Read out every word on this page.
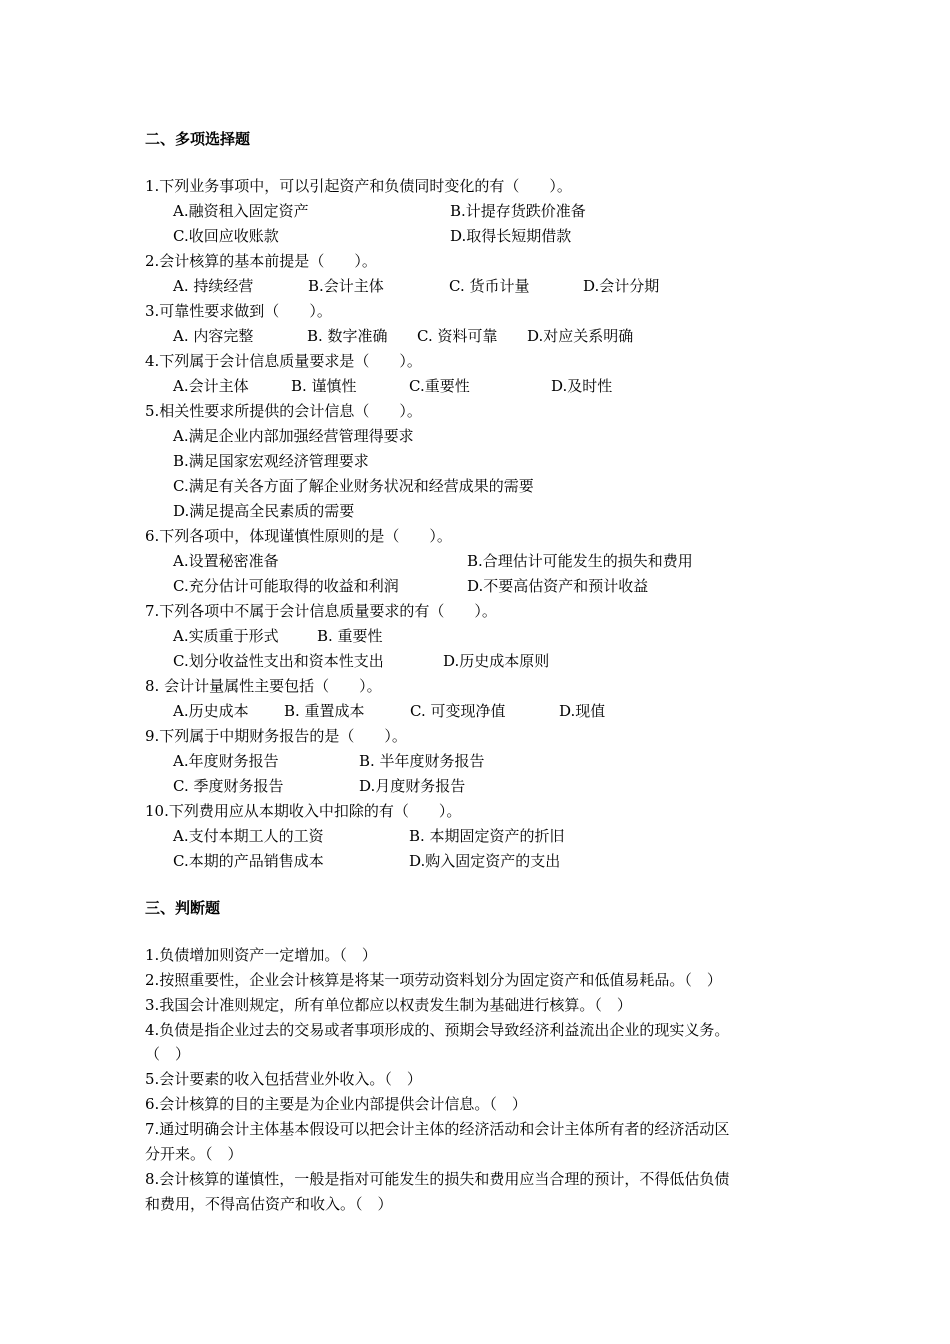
二、多项选择题
1.下列业务事项中，可以引起资产和负债同时变化的有（　　）。
A.融资租入固定资产	B.计提存货跌价准备
C.收回应收账款	D.取得长短期借款
2.会计核算的基本前提是（　　）。
A. 持续经营	B.会计主体	C. 货币计量	D.会计分期
3.可靠性要求做到（　　）。
A. 内容完整	B. 数字准确 C. 资料可靠 D.对应关系明确
4.下列属于会计信息质量要求是（　　）。
A.会计主体	B. 谨慎性	C.重要性	D.及时性
5.相关性要求所提供的会计信息（　　）。
A.满足企业内部加强经营管理得要求
B.满足国家宏观经济管理要求
C.满足有关各方面了解企业财务状况和经营成果的需要
D.满足提高全民素质的需要
6.下列各项中，体现谨慎性原则的是（　　）。
A.设置秘密准备	B.合理估计可能发生的损失和费用
C.充分估计可能取得的收益和利润	D.不要高估资产和预计收益
7.下列各项中不属于会计信息质量要求的有（　　）。
A.实质重于形式	B. 重要性
C.划分收益性支出和资本性支出	D.历史成本原则
8. 会计计量属性主要包括（　　）。
A.历史成本 B. 重置成本	C. 可变现净值	D.现值
9.下列属于中期财务报告的是（　　）。
A.年度财务报告	B. 半年度财务报告
C. 季度财务报告	D.月度财务报告
10.下列费用应从本期收入中扣除的有（　　）。
A.支付本期工人的工资	B. 本期固定资产的折旧
C.本期的产品销售成本	D.购入固定资产的支出
三、判断题
1.负债增加则资产一定增加。（　）
2.按照重要性，企业会计核算是将某一项劳动资料划分为固定资产和低值易耗品。（　）
3.我国会计准则规定，所有单位都应以权责发生制为基础进行核算。（　）
4.负债是指企业过去的交易或者事项形成的、预期会导致经济利益流出企业的现实义务。
（　）
5.会计要素的收入包括营业外收入。（　）
6.会计核算的目的主要是为企业内部提供会计信息。（　）
7.通过明确会计主体基本假设可以把会计主体的经济活动和会计主体所有者的经济活动区
分开来。（　）
8.会计核算的谨慎性，一般是指对可能发生的损失和费用应当合理的预计，不得低估负债
和费用，不得高估资产和收入。（　）
